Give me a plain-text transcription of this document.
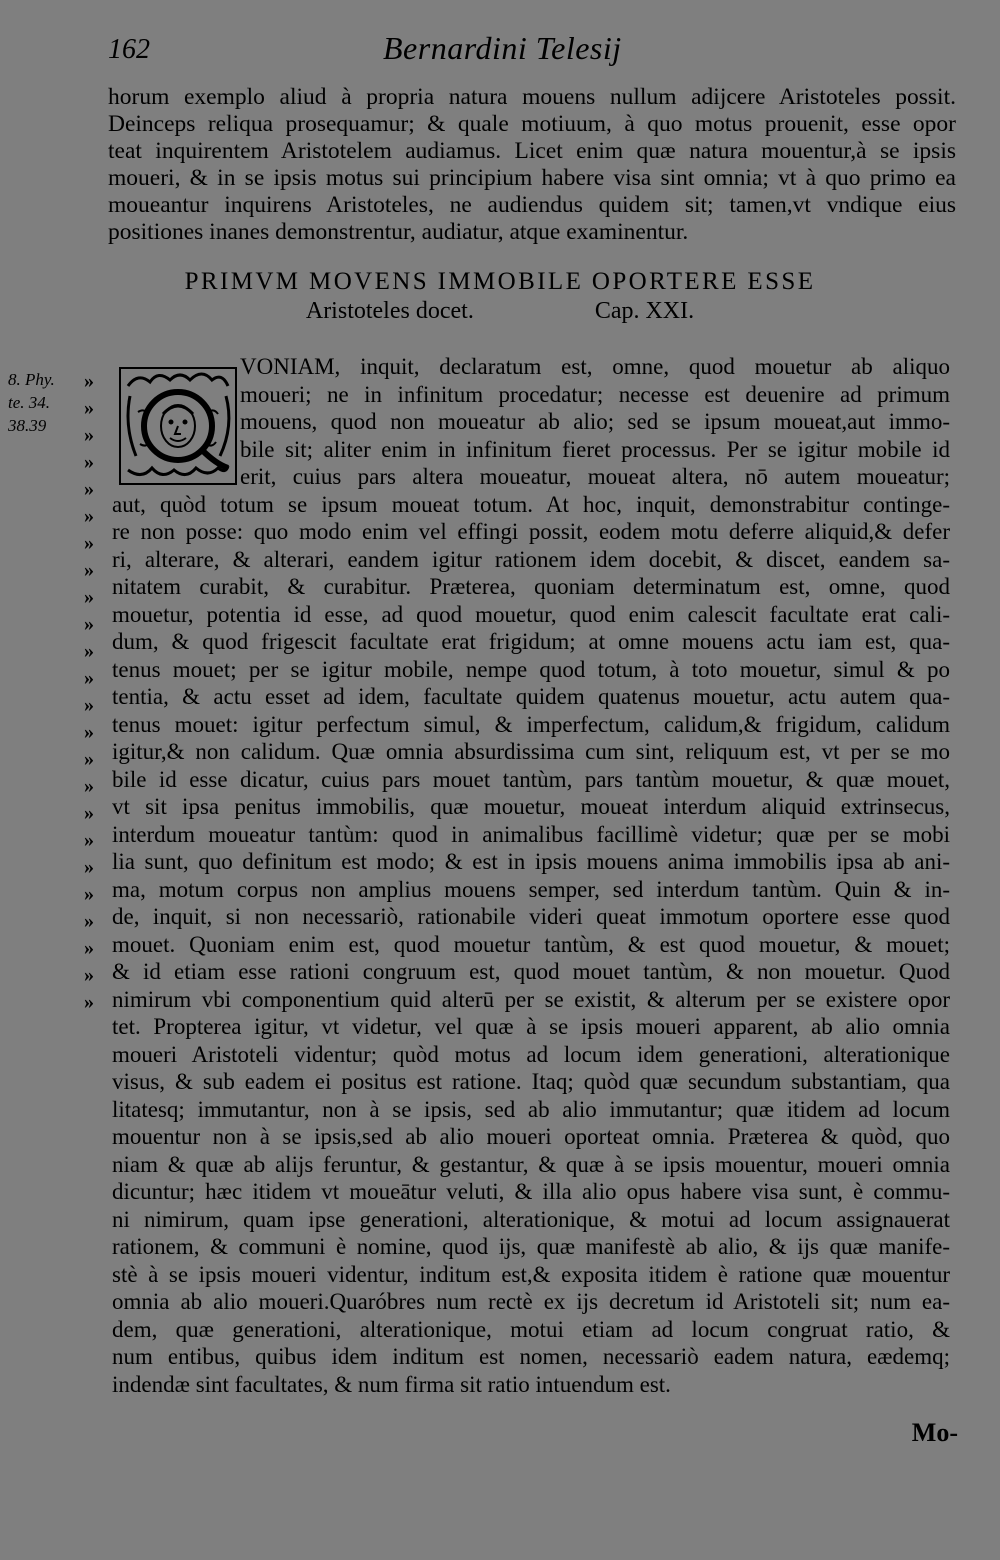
162	Bernardini Telesij
horum exemplo aliud à propria natura mouens nullum adijcere Aristoteles possit.
Deinceps reliqua prosequamur; & quale motiuum, à quo motus prouenit, esse opor
teat inquirentem Aristotelem audiamus. Licet enim quæ natura mouentur,à se ipsis
moueri, & in se ipsis motus sui principium habere visa sint omnia; vt à quo primo ea
moueantur inquirens Aristoteles, ne audiendus quidem sit; tamen,vt vndique eius
positiones inanes demonstrentur, audiatur, atque examinentur.
PRIMVM MOVENS IMMOBILE OPORTERE ESSE
Aristoteles docet.	Cap. XXI.
8. Phy.
te. 34.
38.39
»
»
»
»
»
»
»
»
»
»
»
»
»
»
»
»
»
»
»
»
»
»
»
»
VONIAM, inquit, declaratum est, omne, quod mouetur ab aliquo
moueri; ne in infinitum procedatur; necesse est deuenire ad primum
mouens, quod non moueatur ab alio; sed se ipsum moueat,aut immo-
bile sit; aliter enim in infinitum fieret processus. Per se igitur mobile id
erit, cuius pars altera moueatur, moueat altera, nō autem moueatur;
aut, quòd totum se ipsum moueat totum. At hoc, inquit, demonstrabitur continge-
re non posse: quo modo enim vel effingi possit, eodem motu deferre aliquid,& defer
ri, alterare, & alterari, eandem igitur rationem idem docebit, & discet, eandem sa-
nitatem curabit, & curabitur. Præterea, quoniam determinatum est, omne, quod
mouetur, potentia id esse, ad quod mouetur, quod enim calescit facultate erat cali-
dum, & quod frigescit facultate erat frigidum; at omne mouens actu iam est, qua-
tenus mouet; per se igitur mobile, nempe quod totum, à toto mouetur, simul & po
tentia, & actu esset ad idem, facultate quidem quatenus mouetur, actu autem qua-
tenus mouet: igitur perfectum simul, & imperfectum, calidum,& frigidum, calidum
igitur,& non calidum. Quæ omnia absurdissima cum sint, reliquum est, vt per se mo
bile id esse dicatur, cuius pars mouet tantùm, pars tantùm mouetur, & quæ mouet,
vt sit ipsa penitus immobilis, quæ mouetur, moueat interdum aliquid extrinsecus,
interdum moueatur tantùm: quod in animalibus facillimè videtur; quæ per se mobi
lia sunt, quo definitum est modo; & est in ipsis mouens anima immobilis ipsa ab ani-
ma, motum corpus non amplius mouens semper, sed interdum tantùm. Quin & in-
de, inquit, si non necessariò, rationabile videri queat immotum oportere esse quod
mouet. Quoniam enim est, quod mouetur tantùm, & est quod mouetur, & mouet;
& id etiam esse rationi congruum est, quod mouet tantùm, & non mouetur. Quod
nimirum vbi componentium quid alterū per se existit, & alterum per se existere opor
tet. Propterea igitur, vt videtur, vel quæ à se ipsis moueri apparent, ab alio omnia
moueri Aristoteli videntur; quòd motus ad locum idem generationi, alterationique
visus, & sub eadem ei positus est ratione. Itaq; quòd quæ secundum substantiam, qua
litatesq; immutantur, non à se ipsis, sed ab alio immutantur; quæ itidem ad locum
mouentur non à se ipsis,sed ab alio moueri oporteat omnia. Præterea & quòd, quo
niam & quæ ab alijs feruntur, & gestantur, & quæ à se ipsis mouentur, moueri omnia
dicuntur; hæc itidem vt moueātur veluti, & illa alio opus habere visa sunt, è commu-
ni nimirum, quam ipse generationi, alterationique, & motui ad locum assignauerat
rationem, & communi è nomine, quod ijs, quæ manifestè ab alio, & ijs quæ manife-
stè à se ipsis moueri videntur, inditum est,& exposita itidem è ratione quæ mouentur
omnia ab alio moueri.Quaróbres num rectè ex ijs decretum id Aristoteli sit; num ea-
dem, quæ generationi, alterationique, motui etiam ad locum congruat ratio, &
num entibus, quibus idem inditum est nomen, necessariò eadem natura, eædemq;
indendæ sint facultates, & num firma sit ratio intuendum est.
Mo-
